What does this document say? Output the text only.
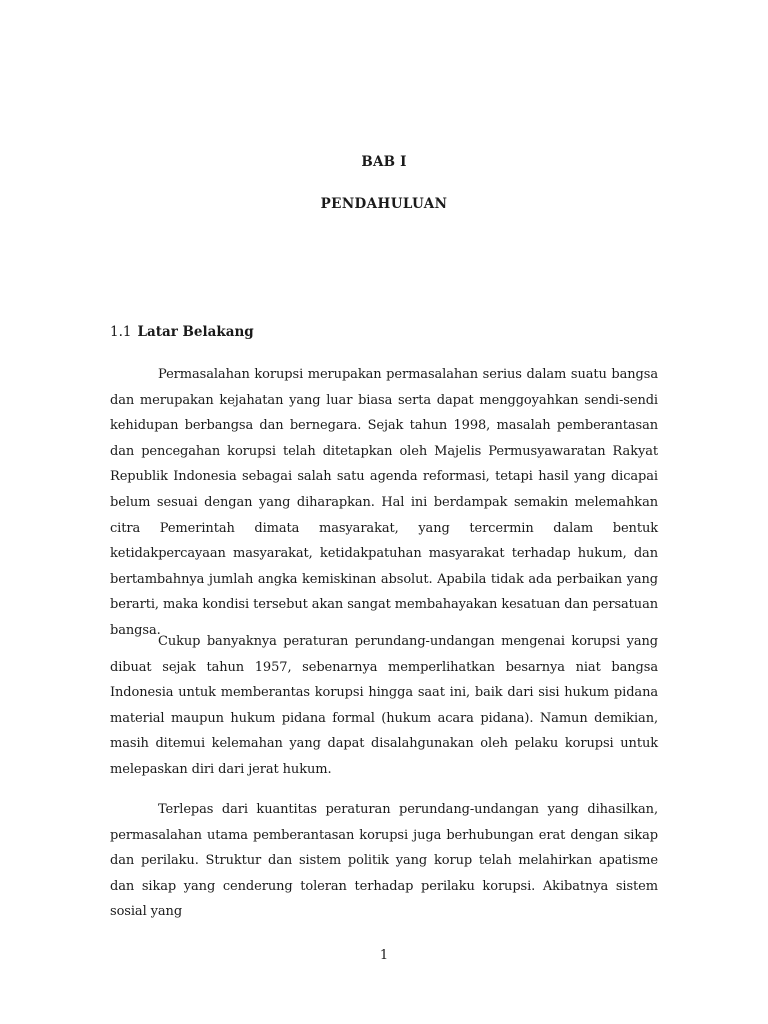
BAB I
PENDAHULUAN
1.1 Latar Belakang

Permasalahan korupsi merupakan permasalahan serius dalam suatu bangsa dan merupakan kejahatan yang luar biasa serta dapat menggoyahkan sendi-sendi kehidupan berbangsa dan bernegara. Sejak tahun 1998, masalah pemberantasan dan pencegahan korupsi telah ditetapkan oleh Majelis Permusyawaratan Rakyat Republik Indonesia sebagai salah satu agenda reformasi, tetapi hasil yang dicapai belum sesuai dengan yang diharapkan. Hal ini berdampak semakin melemahkan citra Pemerintah dimata masyarakat, yang tercermin dalam bentuk ketidakpercayaan masyarakat, ketidakpatuhan masyarakat terhadap hukum, dan bertambahnya jumlah angka kemiskinan absolut. Apabila tidak ada perbaikan yang berarti, maka kondisi tersebut akan sangat membahayakan kesatuan dan persatuan bangsa.

Cukup banyaknya peraturan perundang-undangan mengenai korupsi yang dibuat sejak tahun 1957, sebenarnya memperlihatkan besarnya niat bangsa Indonesia untuk memberantas korupsi hingga saat ini, baik dari sisi hukum pidana material maupun hukum pidana formal (hukum acara pidana). Namun demikian, masih ditemui kelemahan yang dapat disalahgunakan oleh pelaku korupsi untuk melepaskan diri dari jerat hukum.

Terlepas dari kuantitas peraturan perundang-undangan yang dihasilkan, permasalahan utama pemberantasan korupsi juga berhubungan erat dengan sikap dan perilaku. Struktur dan sistem politik yang korup telah melahirkan apatisme dan sikap yang cenderung toleran terhadap perilaku korupsi. Akibatnya sistem sosial yang

1
